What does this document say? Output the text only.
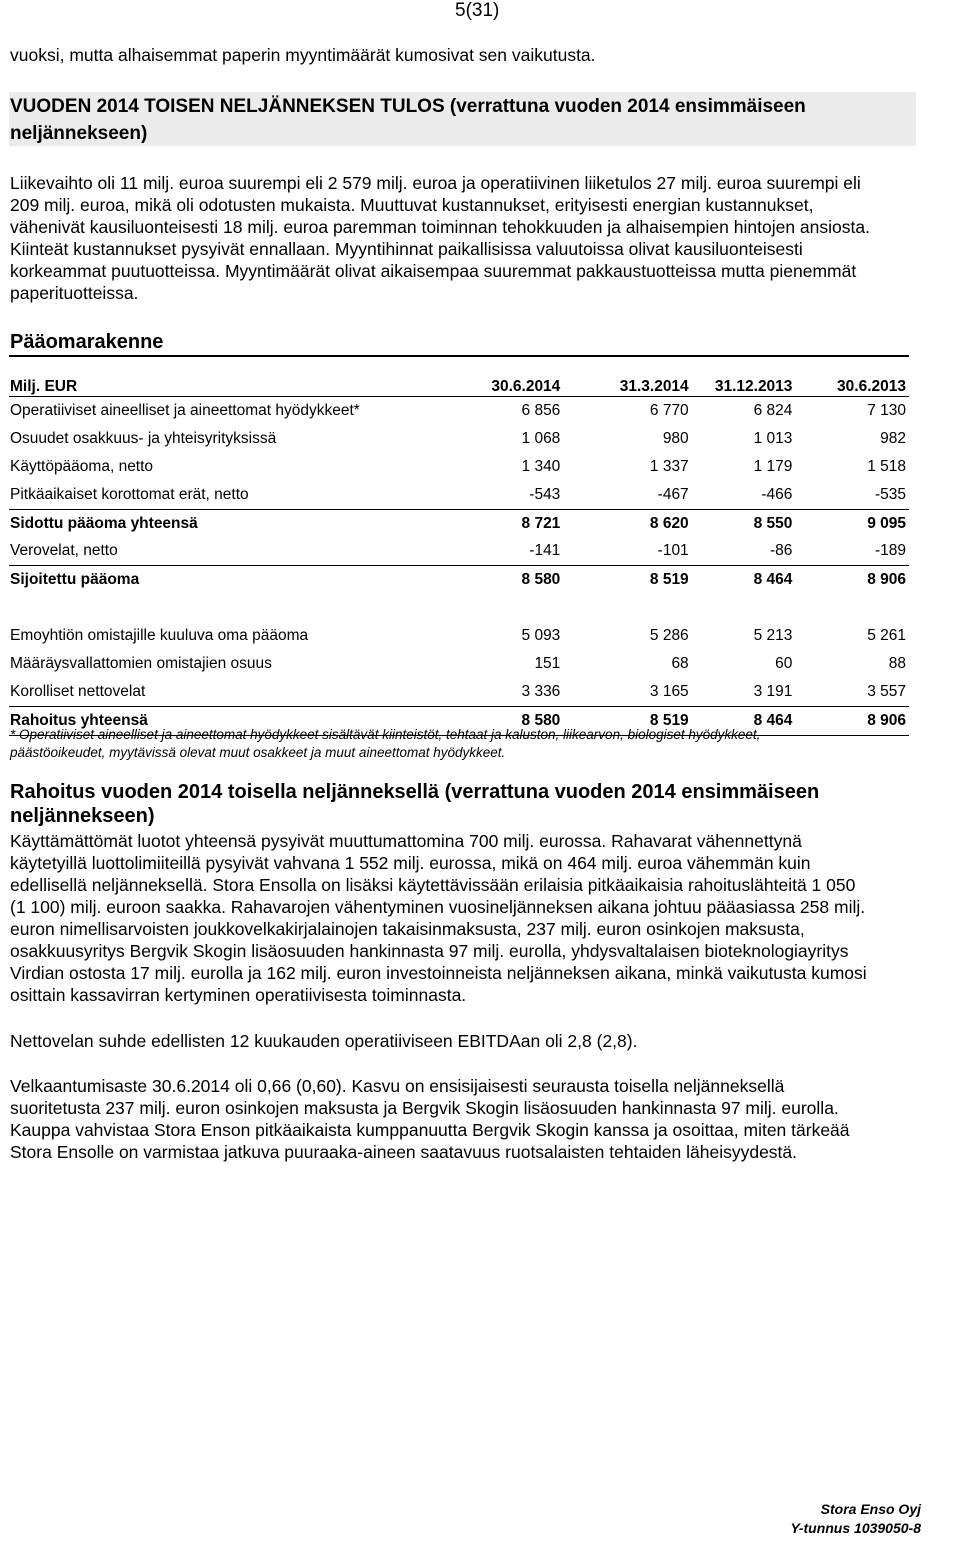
5(31)
vuoksi, mutta alhaisemmat paperin myyntimäärät kumosivat sen vaikutusta.
VUODEN 2014 TOISEN NELJÄNNEKSEN TULOS (verrattuna vuoden 2014 ensimmäiseen
neljännekseen)
Liikevaihto oli 11 milj. euroa suurempi eli 2 579 milj. euroa ja operatiivinen liiketulos 27 milj. euroa suurempi eli
209 milj. euroa, mikä oli odotusten mukaista. Muuttuvat kustannukset, erityisesti energian kustannukset,
vähenivät kausiluonteisesti 18 milj. euroa paremman toiminnan tehokkuuden ja alhaisempien hintojen ansiosta.
Kiinteät kustannukset pysyivät ennallaan. Myyntihinnat paikallisissa valuutoissa olivat kausiluonteisesti
korkeammat puutuotteissa. Myyntimäärät olivat aikaisempaa suuremmat pakkaustuotteissa mutta pienemmät
paperituotteissa.
Pääomarakenne
Milj. EUR	30.6.2014	31.3.2014	31.12.2013	30.6.2013
Operatiiviset aineelliset ja aineettomat hyödykkeet*	6 856	6 770	6 824	7 130
Osuudet osakkuus- ja yhteisyrityksissä	1 068	980	1 013	982
Käyttöpääoma, netto	1 340	1 337	1 179	1 518
Pitkäaikaiset korottomat erät, netto	-543	-467	-466	-535
Sidottu pääoma yhteensä	8 721	8 620	8 550	9 095
Verovelat, netto	-141	-101	-86	-189
Sijoitettu pääoma	8 580	8 519	8 464	8 906

Emoyhtiön omistajille kuuluva oma pääoma	5 093	5 286	5 213	5 261
Määräysvallattomien omistajien osuus	151	68	60	88
Korolliset nettovelat	3 336	3 165	3 191	3 557
Rahoitus yhteensä	8 580	8 519	8 464	8 906
* Operatiiviset aineelliset ja aineettomat hyödykkeet sisältävät kiinteistöt, tehtaat ja kaluston, liikearvon, biologiset hyödykkeet,
päästöoikeudet, myytävissä olevat muut osakkeet ja muut aineettomat hyödykkeet.
Rahoitus vuoden 2014 toisella neljänneksellä (verrattuna vuoden 2014 ensimmäiseen
neljännekseen)
Käyttämättömät luotot yhteensä pysyivät muuttumattomina 700 milj. eurossa. Rahavarat vähennettynä
käytetyillä luottolimiiteillä pysyivät vahvana 1 552 milj. eurossa, mikä on 464 milj. euroa vähemmän kuin
edellisellä neljänneksellä. Stora Ensolla on lisäksi käytettävissään erilaisia pitkäaikaisia rahoituslähteitä 1 050
(1 100) milj. euroon saakka. Rahavarojen vähentyminen vuosineljänneksen aikana johtuu pääasiassa 258 milj.
euron nimellisarvoisten joukkovelkakirjalainojen takaisinmaksusta, 237 milj. euron osinkojen maksusta,
osakkuusyritys Bergvik Skogin lisäosuuden hankinnasta 97 milj. eurolla, yhdysvaltalaisen bioteknologiayritys
Virdian ostosta 17 milj. eurolla ja 162 milj. euron investoinneista neljänneksen aikana, minkä vaikutusta kumosi
osittain kassavirran kertyminen operatiivisesta toiminnasta.
Nettovelan suhde edellisten 12 kuukauden operatiiviseen EBITDAan oli 2,8 (2,8).
Velkaantumisaste 30.6.2014 oli 0,66 (0,60). Kasvu on ensisijaisesti seurausta toisella neljänneksellä
suoritetusta 237 milj. euron osinkojen maksusta ja Bergvik Skogin lisäosuuden hankinnasta 97 milj. eurolla.
Kauppa vahvistaa Stora Enson pitkäaikaista kumppanuutta Bergvik Skogin kanssa ja osoittaa, miten tärkeää
Stora Ensolle on varmistaa jatkuva puuraaka-aineen saatavuus ruotsalaisten tehtaiden läheisyydestä.
Stora Enso Oyj
Y-tunnus 1039050-8
